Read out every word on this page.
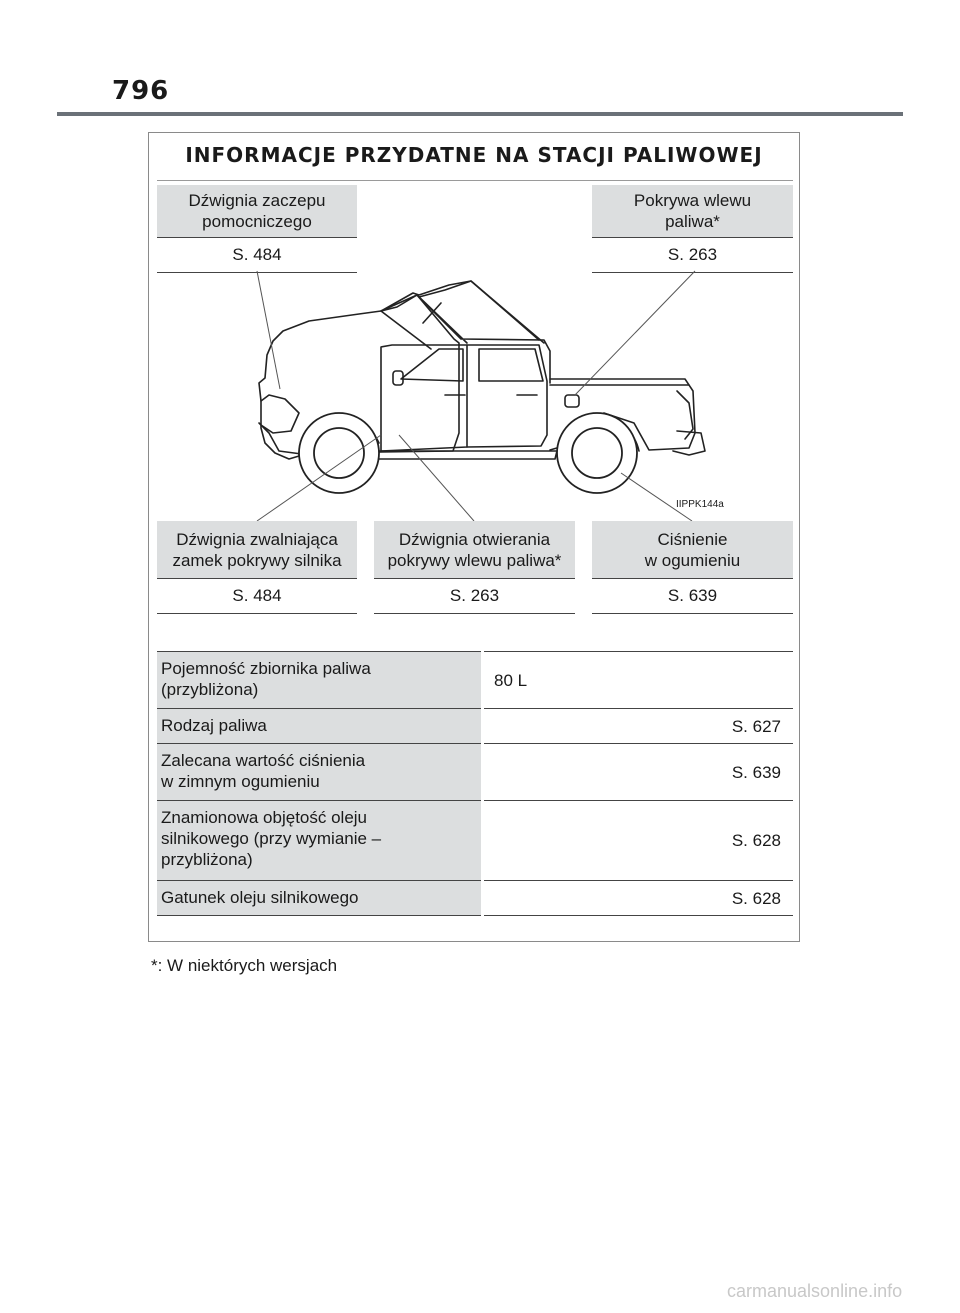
796
INFORMACJE PRZYDATNE NA STACJI PALIWOWEJ
Dźwignia zaczepu
pomocniczego
S. 484
Pokrywa wlewu
paliwa*
S. 263
IIPPK144a
Dźwignia zwalniająca
zamek pokrywy silnika
S. 484
Dźwignia otwierania
pokrywy wlewu paliwa*
S. 263
Ciśnienie
w ogumieniu
S. 639
Pojemność zbiornika paliwa
(przybliżona)	80 L
Rodzaj paliwa	S. 627
Zalecana wartość ciśnienia
w zimnym ogumieniu	S. 639
Znamionowa objętość oleju
silnikowego (przy wymianie –
przybliżona)	S. 628
Gatunek oleju silnikowego	S. 628
*: W niektórych wersjach
carmanualsonline.info
